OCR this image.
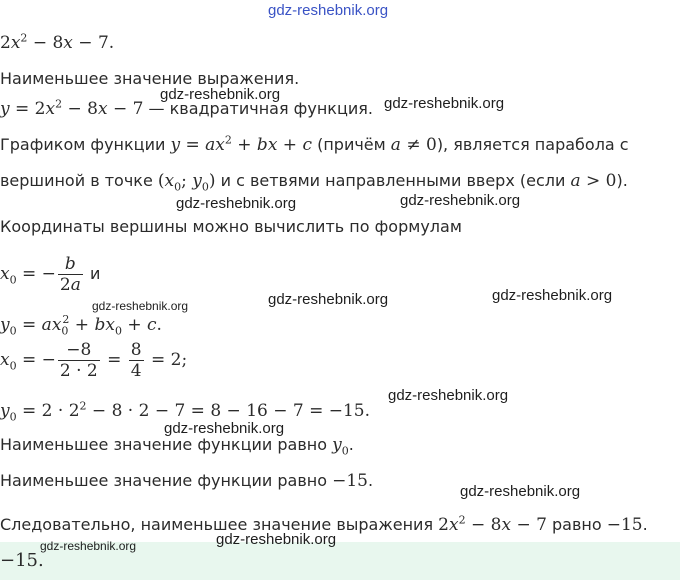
gdz-reshebnik.org
gdz-reshebnik.org
gdz-reshebnik.org
gdz-reshebnik.org	gdz-reshebnik.org
gdz-reshebnik.org	gdz-reshebnik.org	gdz-reshebnik.org
gdz-reshebnik.org
gdz-reshebnik.org
gdz-reshebnik.org
gdz-reshebnik.org	gdz-reshebnik.org
$2x^2 - 8x - 7$.
Наименьшее значение выражения.
$y = 2x^2 - 8x - 7$ — квадратичная функция.
Графиком функции $y = ax^2$ + bx + c (причём a ≠ 0), является парабола с
вершиной в точке ($x_0$; $y_0$) и с ветвями направленными вверх (если a > 0).
Координаты вершины можно вычислить по формулам
$x_0$ = − $\frac{b}{2a}$ и
$y_0 = ax_0^2 + bx_0 + c$.
$x_0$ = − $\frac{-8}{2 \cdot 2} = \frac{8}{4} = 2$;
$y_0 = 2 \cdot 2^2 - 8 \cdot 2 - 7 = 8 - 16 - 7 = -15$.
Наименьшее значение функции равно $y_0$.
Наименьшее значение функции равно −15.
Следовательно, наименьшее значение выражения $2x^2 - 8x - 7$ равно −15.
−15.
